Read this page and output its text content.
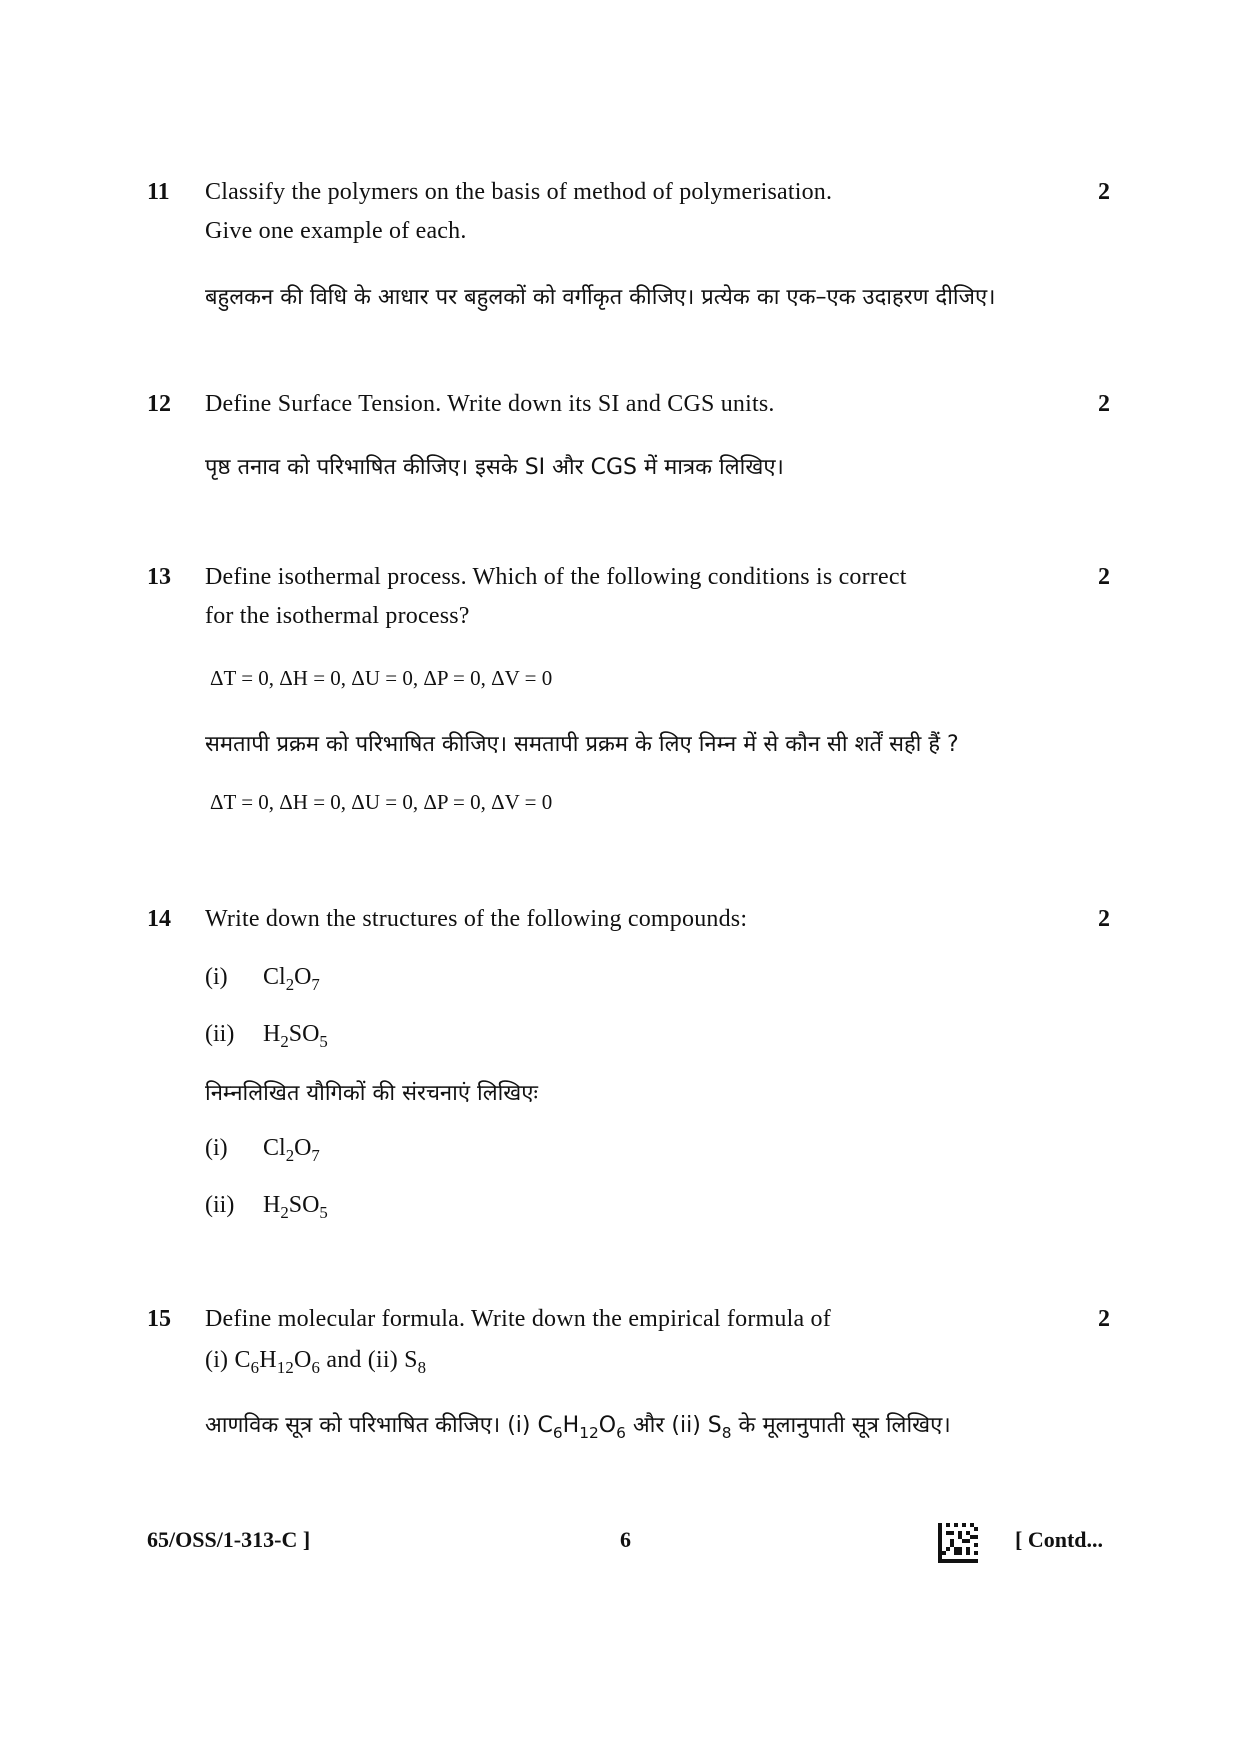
11 Classify the polymers on the basis of method of polymerisation.	2
Give one example of each.
बहुलकन की विधि के आधार पर बहुलकों को वर्गीकृत कीजिए। प्रत्येक का एक–एक उदाहरण दीजिए।
12 Define Surface Tension. Write down its SI and CGS units.	2
पृष्ठ तनाव को परिभाषित कीजिए। इसके SI और CGS में मात्रक लिखिए।
13 Define isothermal process. Which of the following conditions is correct	2
for the isothermal process?
ΔT = 0, ΔH = 0, ΔU = 0, ΔP = 0, ΔV = 0
समतापी प्रक्रम को परिभाषित कीजिए। समतापी प्रक्रम के लिए निम्न में से कौन सी शर्तें सही हैं ?
ΔT = 0, ΔH = 0, ΔU = 0, ΔP = 0, ΔV = 0
14 Write down the structures of the following compounds:	2
(i) $Cl_2O_7$
(ii) $H_2SO_5$
निम्नलिखित यौगिकों की संरचनाएं लिखिएः
(i) $Cl_2O_7$
(ii) $H_2SO_5$
15 Define molecular formula. Write down the empirical formula of	2
(i) $C_6H_{12}O_6$ and (ii) $S_8$
आणविक सूत्र को परिभाषित कीजिए। (i) $C_6H_{12}O_6$ और (ii) $S_8$ के मूलानुपाती सूत्र लिखिए।
65/OSS/1-313-C ]	6	[ Contd...
